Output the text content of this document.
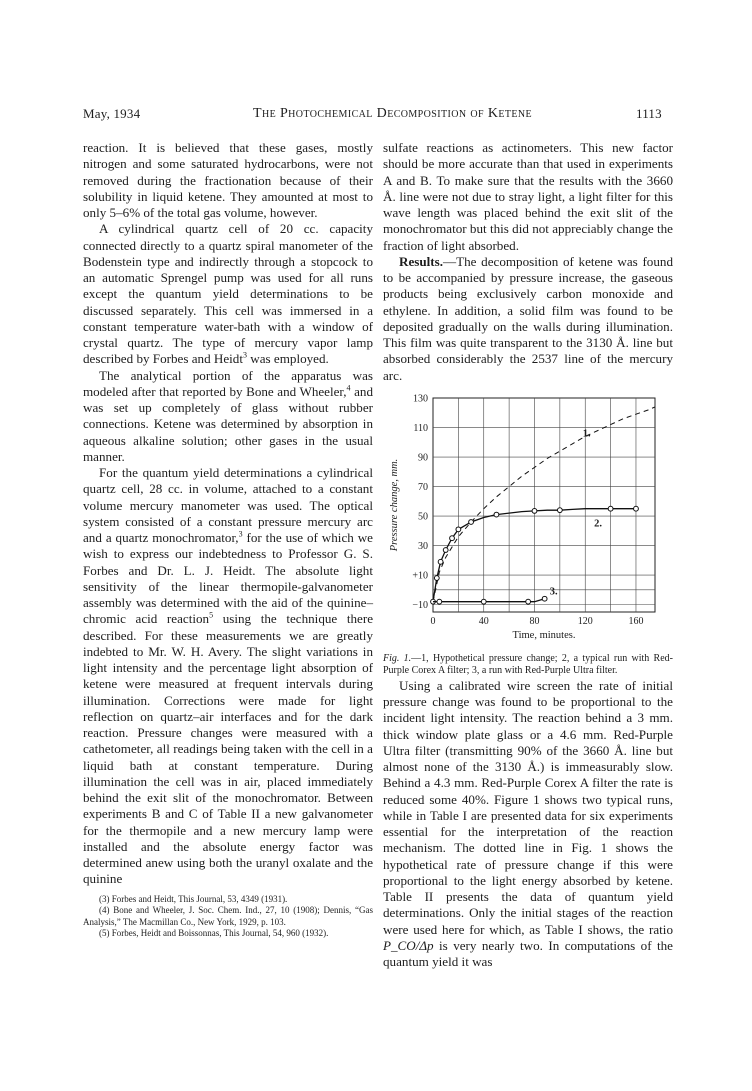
May, 1934	The Photochemical Decomposition of Ketene	1113

reaction. It is believed that these gases, mostly nitrogen and some saturated hydrocarbons, were not removed during the fractionation because of their solubility in liquid ketene. They amounted at most to only 5–6% of the total gas volume, however.

A cylindrical quartz cell of 20 cc. capacity connected directly to a quartz spiral manometer of the Bodenstein type and indirectly through a stopcock to an automatic Sprengel pump was used for all runs except the quantum yield determinations to be discussed separately. This cell was immersed in a constant temperature water-bath with a window of crystal quartz. The type of mercury vapor lamp described by Forbes and Heidt$^3$ was employed.

The analytical portion of the apparatus was modeled after that reported by Bone and Wheeler,$^4$ and was set up completely of glass without rubber connections. Ketene was determined by absorption in aqueous alkaline solution; other gases in the usual manner.

For the quantum yield determinations a cylindrical quartz cell, 28 cc. in volume, attached to a constant volume mercury manometer was used. The optical system consisted of a constant pressure mercury arc and a quartz monochromator,$^3$ for the use of which we wish to express our indebtedness to Professor G. S. Forbes and Dr. L. J. Heidt. The absolute light sensitivity of the linear thermopile-galvanometer assembly was determined with the aid of the quinine–chromic acid reaction$^5$ using the technique there described. For these measurements we are greatly indebted to Mr. W. H. Avery. The slight variations in light intensity and the percentage light absorption of ketene were measured at frequent intervals during illumination. Corrections were made for light reflection on quartz–air interfaces and for the dark reaction. Pressure changes were measured with a cathetometer, all readings being taken with the cell in a liquid bath at constant temperature. During illumination the cell was in air, placed immediately behind the exit slit of the monochromator. Between experiments B and C of Table II a new galvanometer for the thermopile and a new mercury lamp were installed and the absolute energy factor was determined anew using both the uranyl oxalate and the quinine

(3) Forbes and Heidt, This Journal, 53, 4349 (1931).

(4) Bone and Wheeler, J. Soc. Chem. Ind., 27, 10 (1908); Dennis, “Gas Analysis,” The Macmillan Co., New York, 1929, p. 103.

(5) Forbes, Heidt and Boissonnas, This Journal, 54, 960 (1932).

sulfate reactions as actinometers. This new factor should be more accurate than that used in experiments A and B. To make sure that the results with the 3660 Å. line were not due to stray light, a light filter for this wave length was placed behind the exit slit of the monochromator but this did not appreciably change the fraction of light absorbed.

Results.—The decomposition of ketene was found to be accompanied by pressure increase, the gaseous products being exclusively carbon monoxide and ethylene. In addition, a solid film was found to be deposited gradually on the walls during illumination. This film was quite transparent to the 3130 Å. line but absorbed considerably the 2537 line of the mercury arc.

0	40	80	120	160
130
110
90
70
50
30
+10
−10
Time, minutes.
Pressure change, mm.
1.
2.
3.

Fig. 1.—1, Hypothetical pressure change; 2, a typical run with Red-Purple Corex A filter; 3, a run with Red-Purple Ultra filter.

Using a calibrated wire screen the rate of initial pressure change was found to be proportional to the incident light intensity. The reaction behind a 3 mm. thick window plate glass or a 4.6 mm. Red-Purple Ultra filter (transmitting 90% of the 3660 Å. line but almost none of the 3130 Å.) is immeasurably slow. Behind a 4.3 mm. Red-Purple Corex A filter the rate is reduced some 40%. Figure 1 shows two typical runs, while in Table I are presented data for six experiments essential for the interpretation of the reaction mechanism. The dotted line in Fig. 1 shows the hypothetical rate of pressure change if this were proportional to the light energy absorbed by ketene. Table II presents the data of quantum yield determinations. Only the initial stages of the reaction were used here for which, as Table I shows, the ratio P_CO/Δp is very nearly two. In computations of the quantum yield it was
